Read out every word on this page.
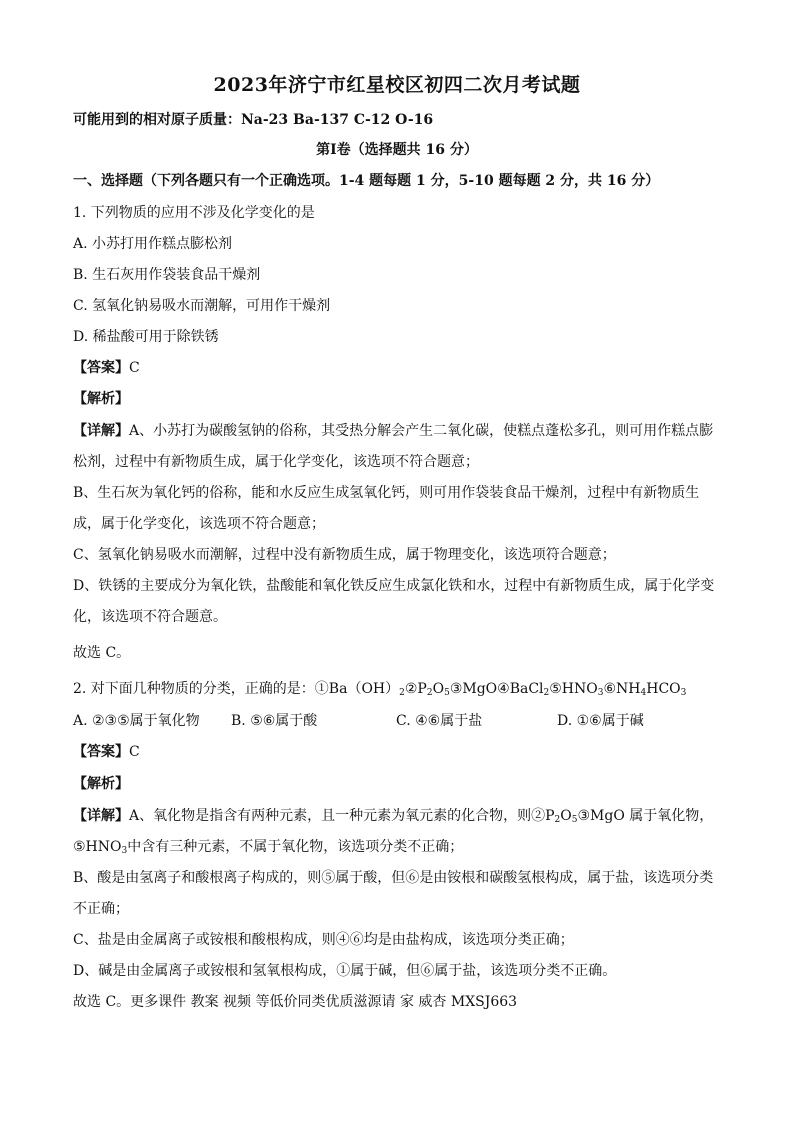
2023年济宁市红星校区初四二次月考试题
可能用到的相对原子质量：Na-23 Ba-137 C-12 O-16
第Ⅰ卷（选择题共 16 分）
一、选择题（下列各题只有一个正确选项。1-4 题每题 1 分，5-10 题每题 2 分，共 16 分）
1. 下列物质的应用不涉及化学变化的是
A. 小苏打用作糕点膨松剂
B. 生石灰用作袋装食品干燥剂
C. 氢氧化钠易吸水而潮解，可用作干燥剂
D. 稀盐酸可用于除铁锈
【答案】C
【解析】
【详解】A、小苏打为碳酸氢钠的俗称，其受热分解会产生二氧化碳，使糕点蓬松多孔，则可用作糕点膨
松剂，过程中有新物质生成，属于化学变化，该选项不符合题意；
B、生石灰为氧化钙的俗称，能和水反应生成氢氧化钙，则可用作袋装食品干燥剂，过程中有新物质生
成，属于化学变化，该选项不符合题意；
C、氢氧化钠易吸水而潮解，过程中没有新物质生成，属于物理变化，该选项符合题意；
D、铁锈的主要成分为氧化铁，盐酸能和氧化铁反应生成氯化铁和水，过程中有新物质生成，属于化学变
化，该选项不符合题意。
故选 C。
2. 对下面几种物质的分类，正确的是：$①Ba(OH)_2②P_2O_5③MgO④BaCl_2⑤HNO_3⑥NH_4HCO_3$
A. ②③⑤属于氧化物 B. ⑤⑥属于酸	C. ④⑥属于盐	D. ①⑥属于碱
【答案】C
【解析】
【详解】A、氧化物是指含有两种元素，且一种元素为氧元素的化合物，则$②P_2O_5③MgO$ 属于氧化物，
$⑤HNO_3$中含有三种元素，不属于氧化物，该选项分类不正确；
B、酸是由氢离子和酸根离子构成的，则⑤属于酸，但⑥是由铵根和碳酸氢根构成，属于盐，该选项分类
不正确；
C、盐是由金属离子或铵根和酸根构成，则④⑥均是由盐构成，该选项分类正确；
D、碱是由金属离子或铵根和氢氧根构成，①属于碱，但⑥属于盐，该选项分类不正确。
故选 C。更多课件 教案 视频 等低价同类优质滋源请 家 威杏 MXSJ663
